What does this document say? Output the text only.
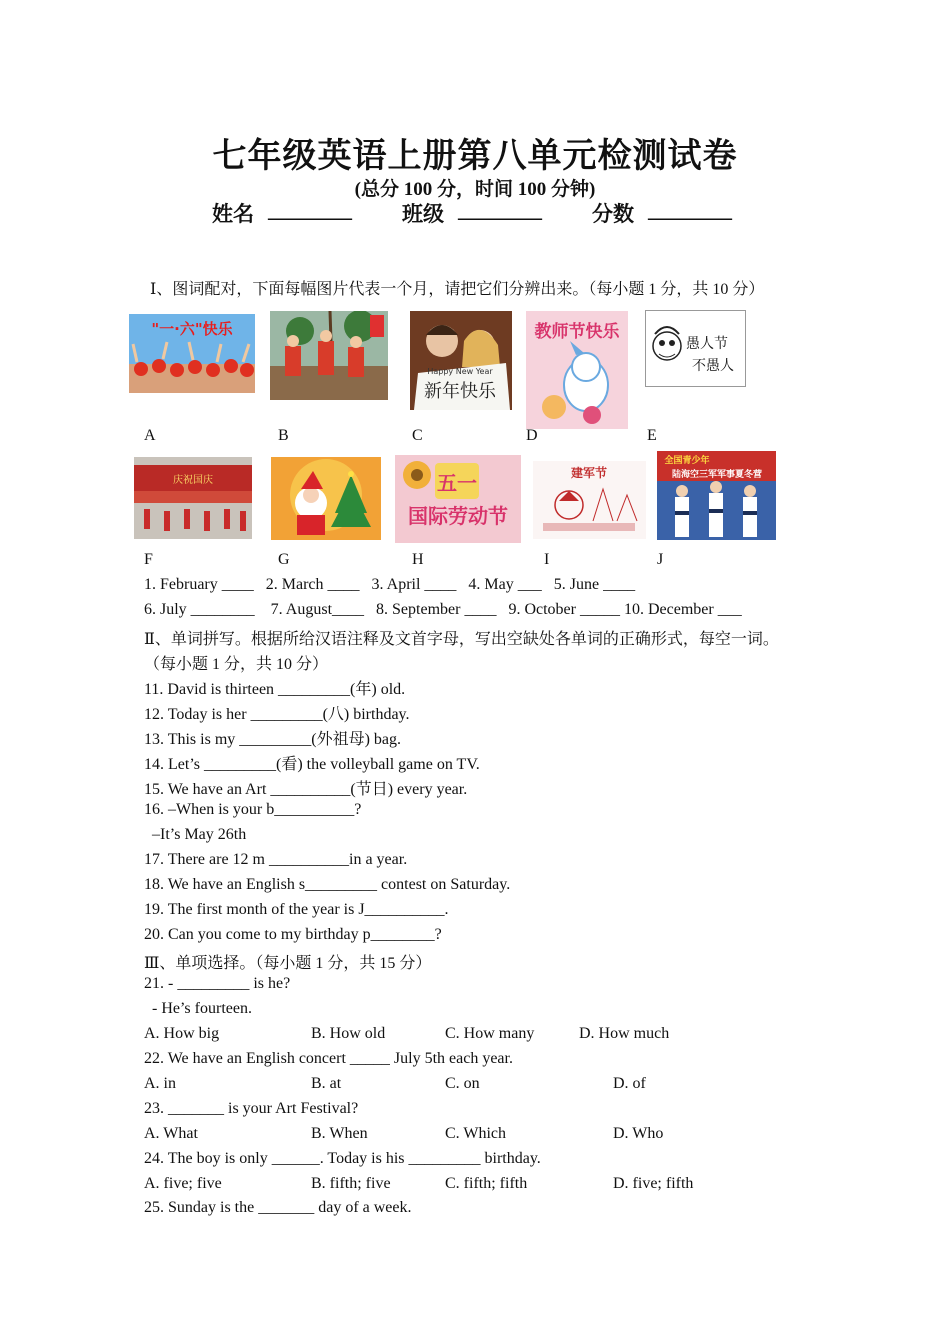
七年级英语上册第八单元检测试卷
(总分 100 分，时间 100 分钟)
姓名 ________ 班级 ________ 分数 ________
Ⅰ、图词配对，下面每幅图片代表一个月，请把它们分辨出来。（每小题 1 分，共 10 分）
"一·六"快乐
Happy New Year
新年快乐
教师节快乐
愚人节
不愚人
A	B	C	D	E
庆祝国庆	五一
国际劳动节
建军节
全国青少年
陆海空三军军事夏冬营
F	G	H	I	J
1. February ____   2. March ____   3. April ____   4. May ___   5. June ____
6. July ________    7. August____   8. September ____   9. October _____ 10. December ___
Ⅱ、单词拼写。根据所给汉语注释及文首字母，写出空缺处各单词的正确形式，每空一词。
（每小题 1 分，共 10 分）
11. David is thirteen _________(年) old.
12. Today is her _________(八) birthday.
13. This is my _________(外祖母) bag.
14. Let’s _________(看) the volleyball game on TV.
15. We have an Art __________(节日) every year.
16. –When is your b__________?
–It’s May 26th
17. There are 12 m __________in a year.
18. We have an English s_________ contest on Saturday.
19. The first month of the year is J__________.
20. Can you come to my birthday p________?
Ⅲ、单项选择。（每小题 1 分，共 15 分）
21. - _________ is he?
- He’s fourteen.
A. How big	B. How old	C. How many	D. How much
22. We have an English concert _____ July 5th each year.
A. in	B. at	C. on	D. of
23. _______ is your Art Festival?
A. What	B. When	C. Which	D. Who
24. The boy is only ______. Today is his _________ birthday.
A. five; five	B. fifth; five	C. fifth; fifth	D. five; fifth
25. Sunday is the _______ day of a week.
